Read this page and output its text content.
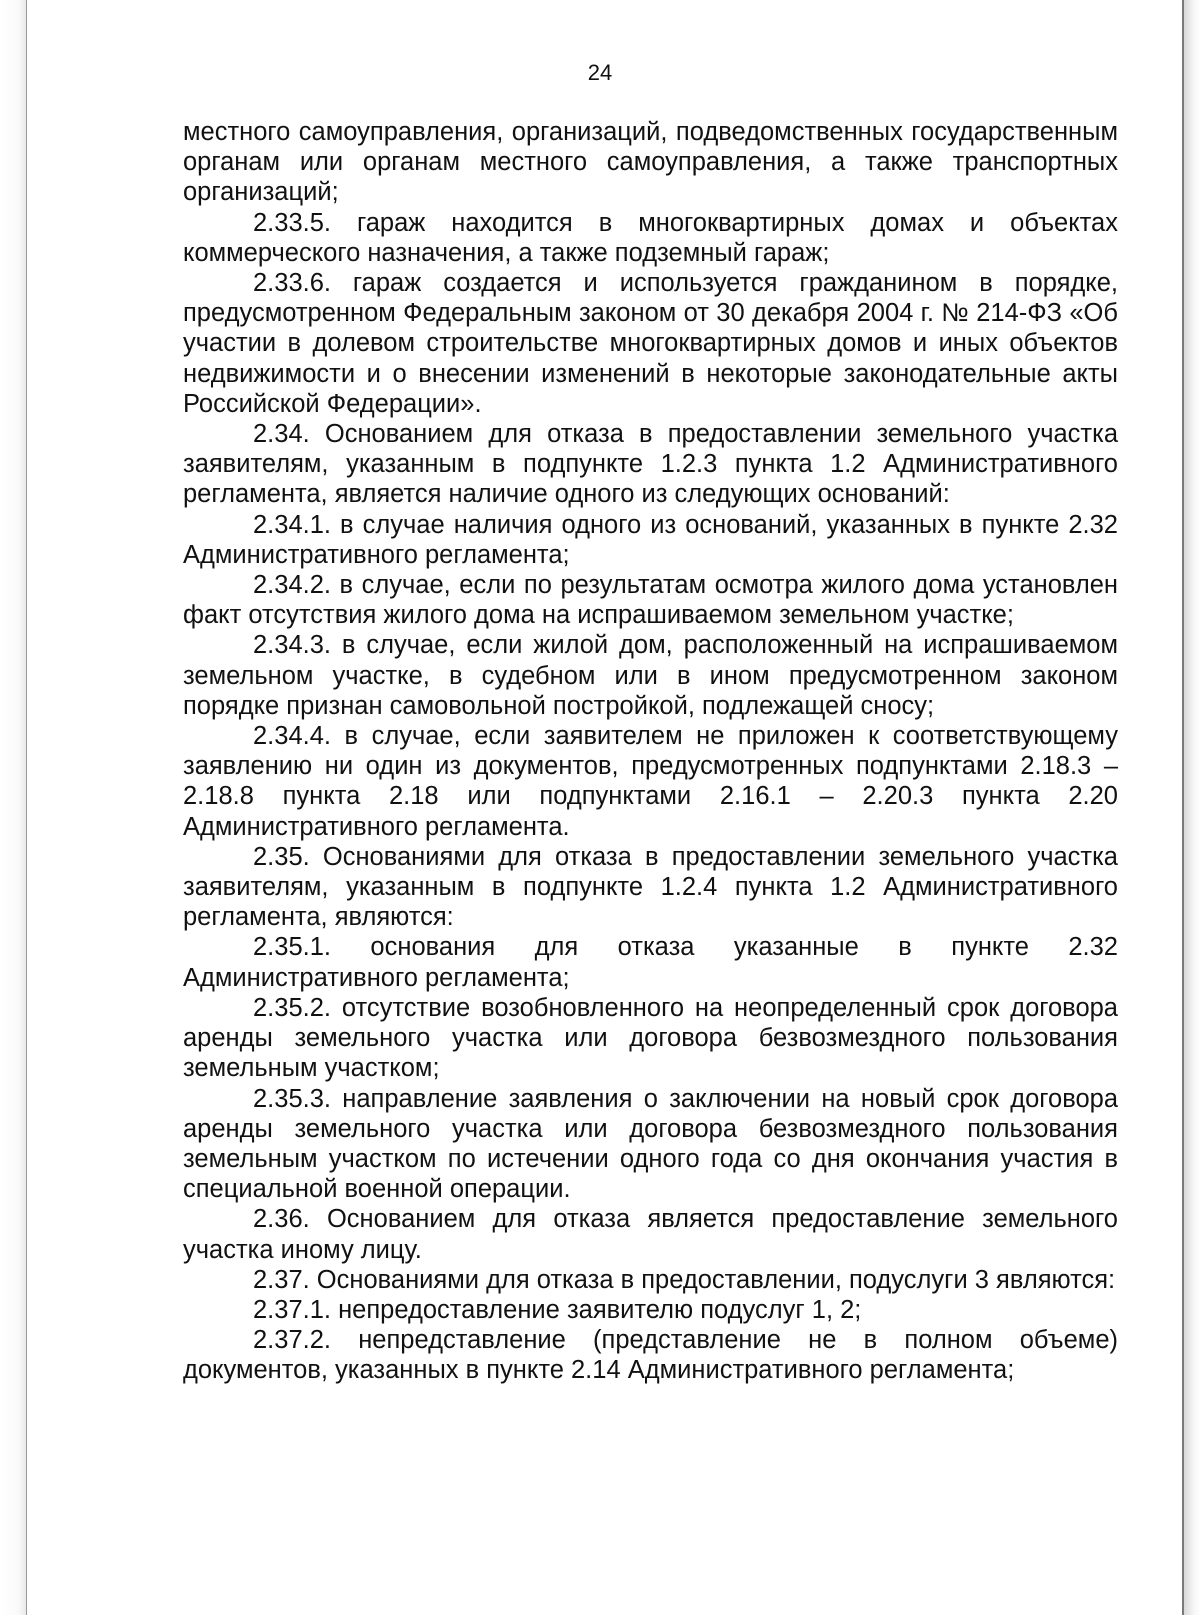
24

местного самоуправления, организаций, подведомственных государственным органам или органам местного самоуправления, а также транспортных организаций;

2.33.5. гараж находится в многоквартирных домах и объектах коммерческого назначения, а также подземный гараж;

2.33.6. гараж создается и используется гражданином в порядке, предусмотренном Федеральным законом от 30 декабря 2004 г. № 214-ФЗ «Об участии в долевом строительстве многоквартирных домов и иных объектов недвижимости и о внесении изменений в некоторые законодательные акты Российской Федерации».

2.34. Основанием для отказа в предоставлении земельного участка заявителям, указанным в подпункте 1.2.3 пункта 1.2 Административного регламента, является наличие одного из следующих оснований:

2.34.1. в случае наличия одного из оснований, указанных в пункте 2.32 Административного регламента;

2.34.2. в случае, если по результатам осмотра жилого дома установлен факт отсутствия жилого дома на испрашиваемом земельном участке;

2.34.3. в случае, если жилой дом, расположенный на испрашиваемом земельном участке, в судебном или в ином предусмотренном законом порядке признан самовольной постройкой, подлежащей сносу;

2.34.4. в случае, если заявителем не приложен к соответствующему заявлению ни один из документов, предусмотренных подпунктами 2.18.3 – 2.18.8 пункта 2.18 или подпунктами 2.16.1 – 2.20.3 пункта 2.20 Административного регламента.

2.35. Основаниями для отказа в предоставлении земельного участка заявителям, указанным в подпункте 1.2.4 пункта 1.2 Административного регламента, являются:

2.35.1. основания для отказа указанные в пункте 2.32 Административного регламента;

2.35.2. отсутствие возобновленного на неопределенный срок договора аренды земельного участка или договора безвозмездного пользования земельным участком;

2.35.3. направление заявления о заключении на новый срок договора аренды земельного участка или договора безвозмездного пользования земельным участком по истечении одного года со дня окончания участия в специальной военной операции.

2.36. Основанием для отказа является предоставление земельного участка иному лицу.

2.37. Основаниями для отказа в предоставлении, подуслуги 3 являются:

2.37.1. непредоставление заявителю подуслуг 1, 2;

2.37.2. непредставление (представление не в полном объеме) документов, указанных в пункте 2.14 Административного регламента;
